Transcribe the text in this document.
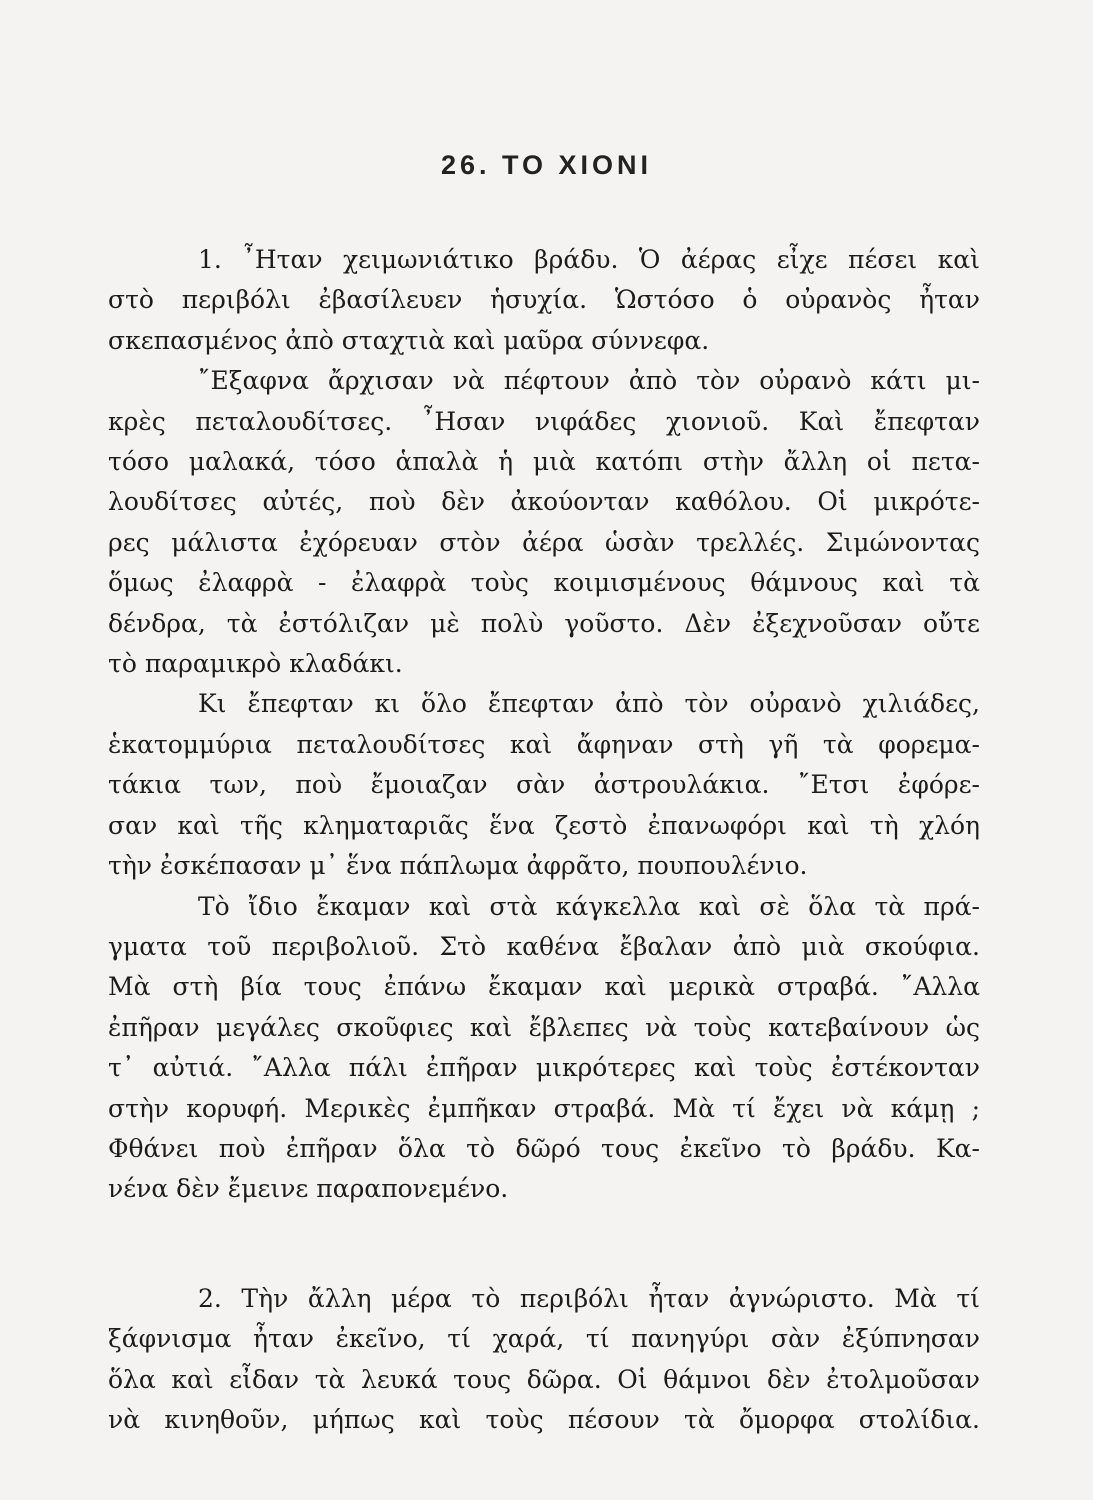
26. ΤΟ ΧΙΟΝΙ
1. ῏Ηταν χειμωνιάτικο βράδυ. Ὁ ἀέρας εἶχε πέσει καὶ
στὸ περιβόλι ἐβασίλευεν ἡσυχία. Ὡστόσο ὁ οὐρανὸς ἦταν
σκεπασμένος ἀπὸ σταχτιὰ καὶ μαῦρα σύννεφα.
῎Εξαφνα ἄρχισαν νὰ πέφτουν ἀπὸ τὸν οὐρανὸ κάτι μι-
κρὲς πεταλουδίτσες. ῏Ησαν νιφάδες χιονιοῦ. Καὶ ἔπεφταν
τόσο μαλακά, τόσο ἁπαλὰ ἡ μιὰ κατόπι στὴν ἄλλη οἱ πετα-
λουδίτσες αὐτές, ποὺ δὲν ἀκούονταν καθόλου. Οἱ μικρότε-
ρες μάλιστα ἐχόρευαν στὸν ἀέρα ὡσὰν τρελλές. Σιμώνοντας
ὅμως ἐλαφρὰ - ἐλαφρὰ τοὺς κοιμισμένους θάμνους καὶ τὰ
δένδρα, τὰ ἐστόλιζαν μὲ πολὺ γοῦστο. Δὲν ἐξεχνοῦσαν οὔτε
τὸ παραμικρὸ κλαδάκι.
Κι ἔπεφταν κι ὅλο ἔπεφταν ἀπὸ τὸν οὐρανὸ χιλιάδες,
ἑκατομμύρια πεταλουδίτσες καὶ ἄφηναν στὴ γῆ τὰ φορεμα-
τάκια των, ποὺ ἔμοιαζαν σὰν ἀστρουλάκια. ῎Ετσι ἐφόρε-
σαν καὶ τῆς κληματαριᾶς ἕνα ζεστὸ ἐπανωφόρι καὶ τὴ χλόη
τὴν ἐσκέπασαν μ᾽ ἕνα πάπλωμα ἀφρᾶτο, πουπουλένιο.
Τὸ ἴδιο ἔκαμαν καὶ στὰ κάγκελλα καὶ σὲ ὅλα τὰ πρά-
γματα τοῦ περιβολιοῦ. Στὸ καθένα ἔβαλαν ἀπὸ μιὰ σκούφια.
Μὰ στὴ βία τους ἐπάνω ἔκαμαν καὶ μερικὰ στραβά. ῎Αλλα
ἐπῆραν μεγάλες σκοῦφιες καὶ ἔβλεπες νὰ τοὺς κατεβαίνουν ὡς
τ᾽ αὐτιά. ῎Αλλα πάλι ἐπῆραν μικρότερες καὶ τοὺς ἐστέκονταν
στὴν κορυφή. Μερικὲς ἐμπῆκαν στραβά. Μὰ τί ἔχει νὰ κάμῃ ;
Φθάνει ποὺ ἐπῆραν ὅλα τὸ δῶρό τους ἐκεῖνο τὸ βράδυ. Κα-
νένα δὲν ἔμεινε παραπονεμένο.
2. Τὴν ἄλλη μέρα τὸ περιβόλι ἦταν ἀγνώριστο. Μὰ τί
ξάφνισμα ἦταν ἐκεῖνο, τί χαρά, τί πανηγύρι σὰν ἐξύπνησαν
ὅλα καὶ εἶδαν τὰ λευκά τους δῶρα. Οἱ θάμνοι δὲν ἐτολμοῦσαν
νὰ κινηθοῦν, μήπως καὶ τοὺς πέσουν τὰ ὄμορφα στολίδια.
